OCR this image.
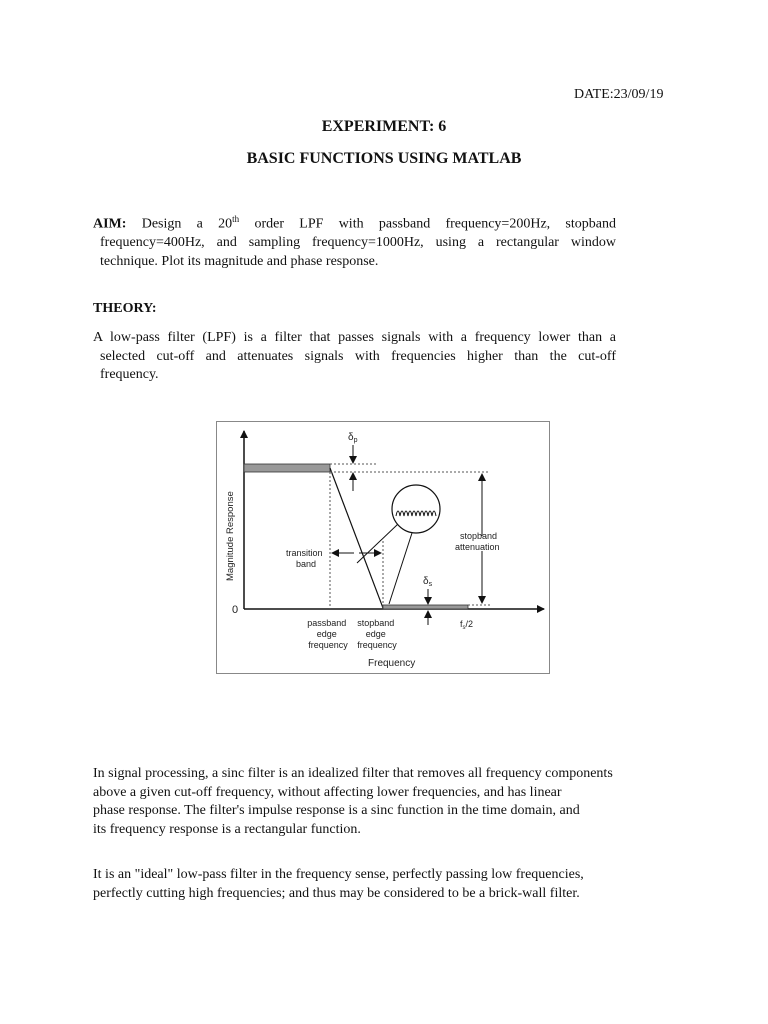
DATE:23/09/19
EXPERIMENT: 6
BASIC FUNCTIONS USING MATLAB
AIM: Design a 20th order LPF with passband frequency=200Hz, stopband
frequency=400Hz, and sampling frequency=1000Hz, using a rectangular window
technique. Plot its magnitude and phase response.
THEORY:
A low-pass filter (LPF) is a filter that passes signals with a frequency lower than a
selected cut-off and attenuates signals with frequencies higher than the cut-off
frequency.
$\delta_p$
transition
band
$\delta_s$
stopband
attenuation
0
Magnitude Response
Frequency
passband edge frequency
stopband edge frequency
$f_s/2$
In signal processing, a sinc filter is an idealized filter that removes all frequency components
above a given cut-off frequency, without affecting lower frequencies, and has linear
phase response. The filter's impulse response is a sinc function in the time domain, and
its frequency response is a rectangular function.
It is an "ideal" low-pass filter in the frequency sense, perfectly passing low frequencies,
perfectly cutting high frequencies; and thus may be considered to be a brick-wall filter.
